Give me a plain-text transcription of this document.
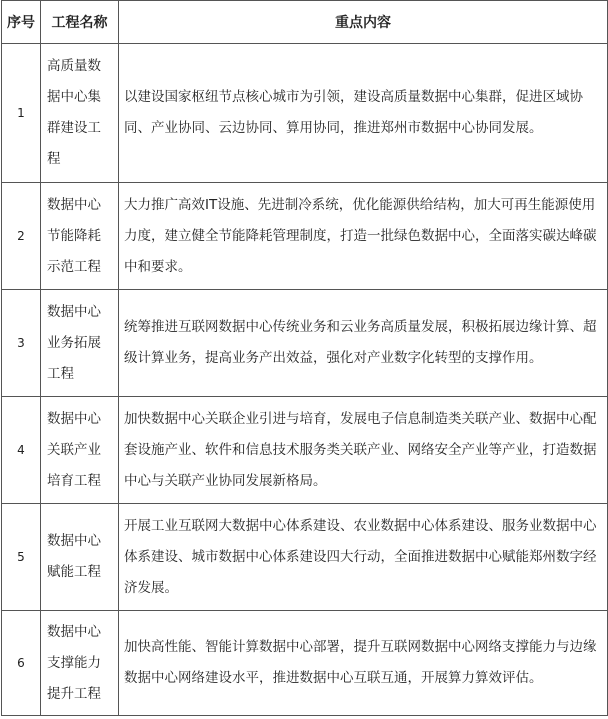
序号	工程名称	重点内容
1	高质量数据中心集群建设工程	以建设国家枢纽节点核心城市为引领，建设高质量数据中心集群，促进区域协同、产业协同、云边协同、算用协同，推进郑州市数据中心协同发展。
2	数据中心节能降耗示范工程	大力推广高效IT设施、先进制冷系统，优化能源供给结构，加大可再生能源使用力度，建立健全节能降耗管理制度，打造一批绿色数据中心，全面落实碳达峰碳中和要求。
3	数据中心业务拓展工程	统筹推进互联网数据中心传统业务和云业务高质量发展，积极拓展边缘计算、超级计算业务，提高业务产出效益，强化对产业数字化转型的支撑作用。
4	数据中心关联产业培育工程	加快数据中心关联企业引进与培育，发展电子信息制造类关联产业、数据中心配套设施产业、软件和信息技术服务类关联产业、网络安全产业等产业，打造数据中心与关联产业协同发展新格局。
5	数据中心赋能工程	开展工业互联网大数据中心体系建设、农业数据中心体系建设、服务业数据中心体系建设、城市数据中心体系建设四大行动，全面推进数据中心赋能郑州数字经济发展。
6	数据中心支撑能力提升工程	加快高性能、智能计算数据中心部署，提升互联网数据中心网络支撑能力与边缘数据中心网络建设水平，推进数据中心互联互通，开展算力算效评估。
